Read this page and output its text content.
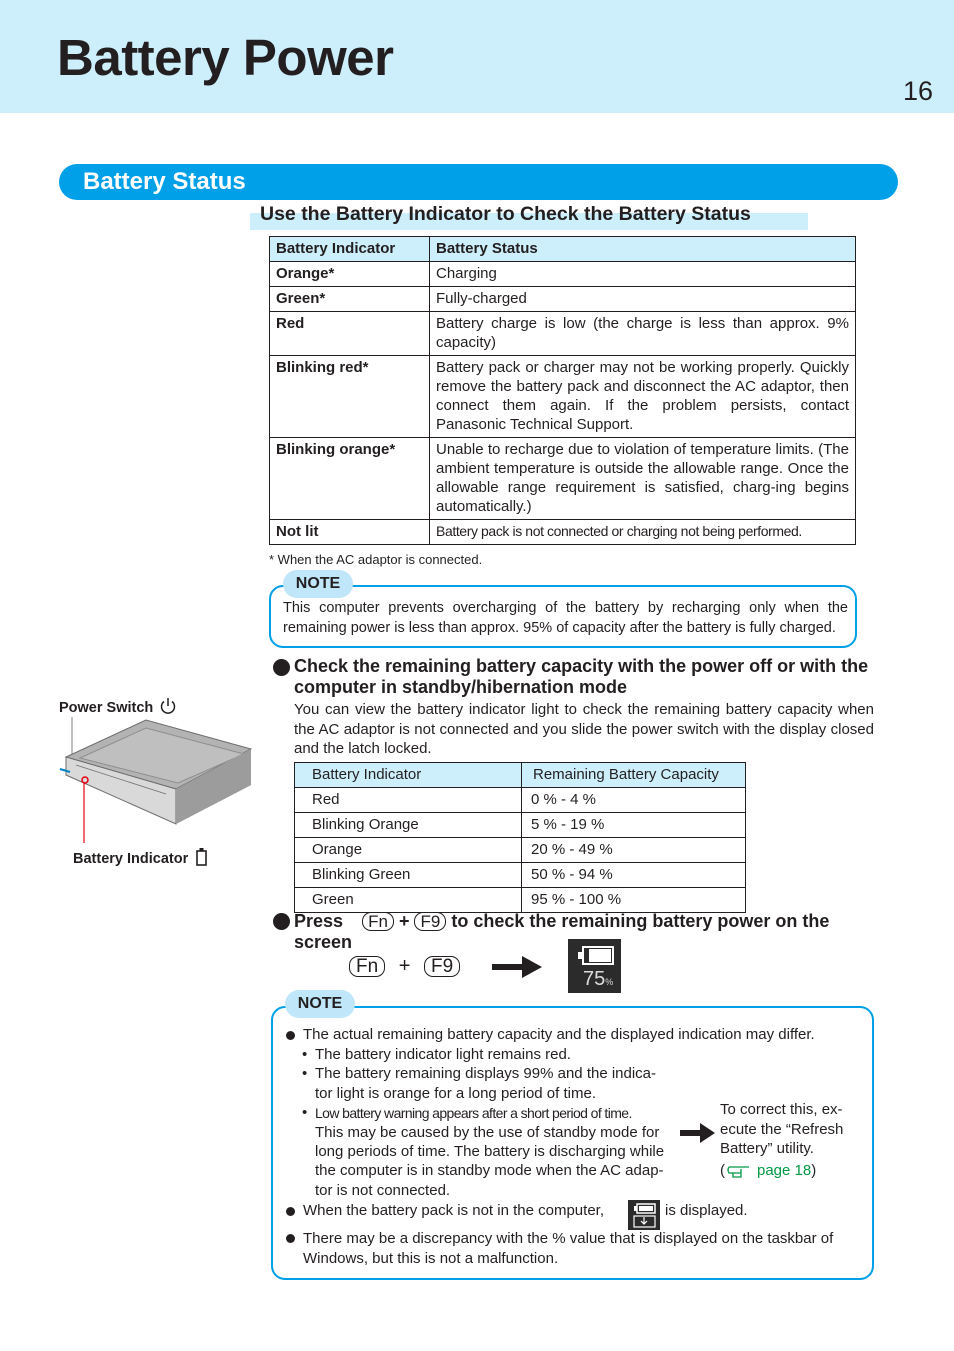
Battery Power
16
Battery Status
Use the Battery Indicator to Check the Battery Status
Battery Indicator	Battery Status
Orange*	Charging
Green*	Fully-charged
Red	Battery charge is low (the charge is less than approx. 9% capacity)
Blinking red*	Battery pack or charger may not be working properly. Quickly remove the battery pack and disconnect the AC adaptor, then connect them again. If the problem persists, contact Panasonic Technical Support.
Blinking orange*	Unable to recharge due to violation of temperature limits. (The ambient temperature is outside the allowable range. Once the allowable range requirement is satisfied, charg-ing begins automatically.)
Not lit	Battery pack is not connected or charging not being performed.
* When the AC adaptor is connected.
NOTE
This computer prevents overcharging of the battery by recharging only when the remaining power is less than approx. 95% of capacity after the battery is fully charged.
Check the remaining battery capacity with the power off or with the computer in standby/hibernation mode
You can view the battery indicator light to check the remaining battery capacity when the AC adaptor is not connected and you slide the power switch with the display closed and the latch locked.
Battery Indicator	Remaining Battery Capacity
Red	0 % - 4 %
Blinking Orange	5 % - 19 %
Orange	20 % - 49 %
Blinking Green	50 % - 94 %
Green	95 % - 100 %
Press Fn + F9 to check the remaining battery power on the
screen
Fn + F9
75%
NOTE
The actual remaining battery capacity and the displayed indication may differ.
• The battery indicator light remains red.
• The battery remaining displays 99% and the indica-
tor light is orange for a long period of time.
• Low battery warning appears after a short period of time.
This may be caused by the use of standby mode for
long periods of time. The battery is discharging while
the computer is in standby mode when the AC adap-
tor is not connected.
To correct this, ex-
ecute the “Refresh
Battery” utility.
( page 18)
When the battery pack is not in the computer,	is displayed.
There may be a discrepancy with the % value that is displayed on the taskbar of Windows, but this is not a malfunction.
Power Switch
Battery Indicator
